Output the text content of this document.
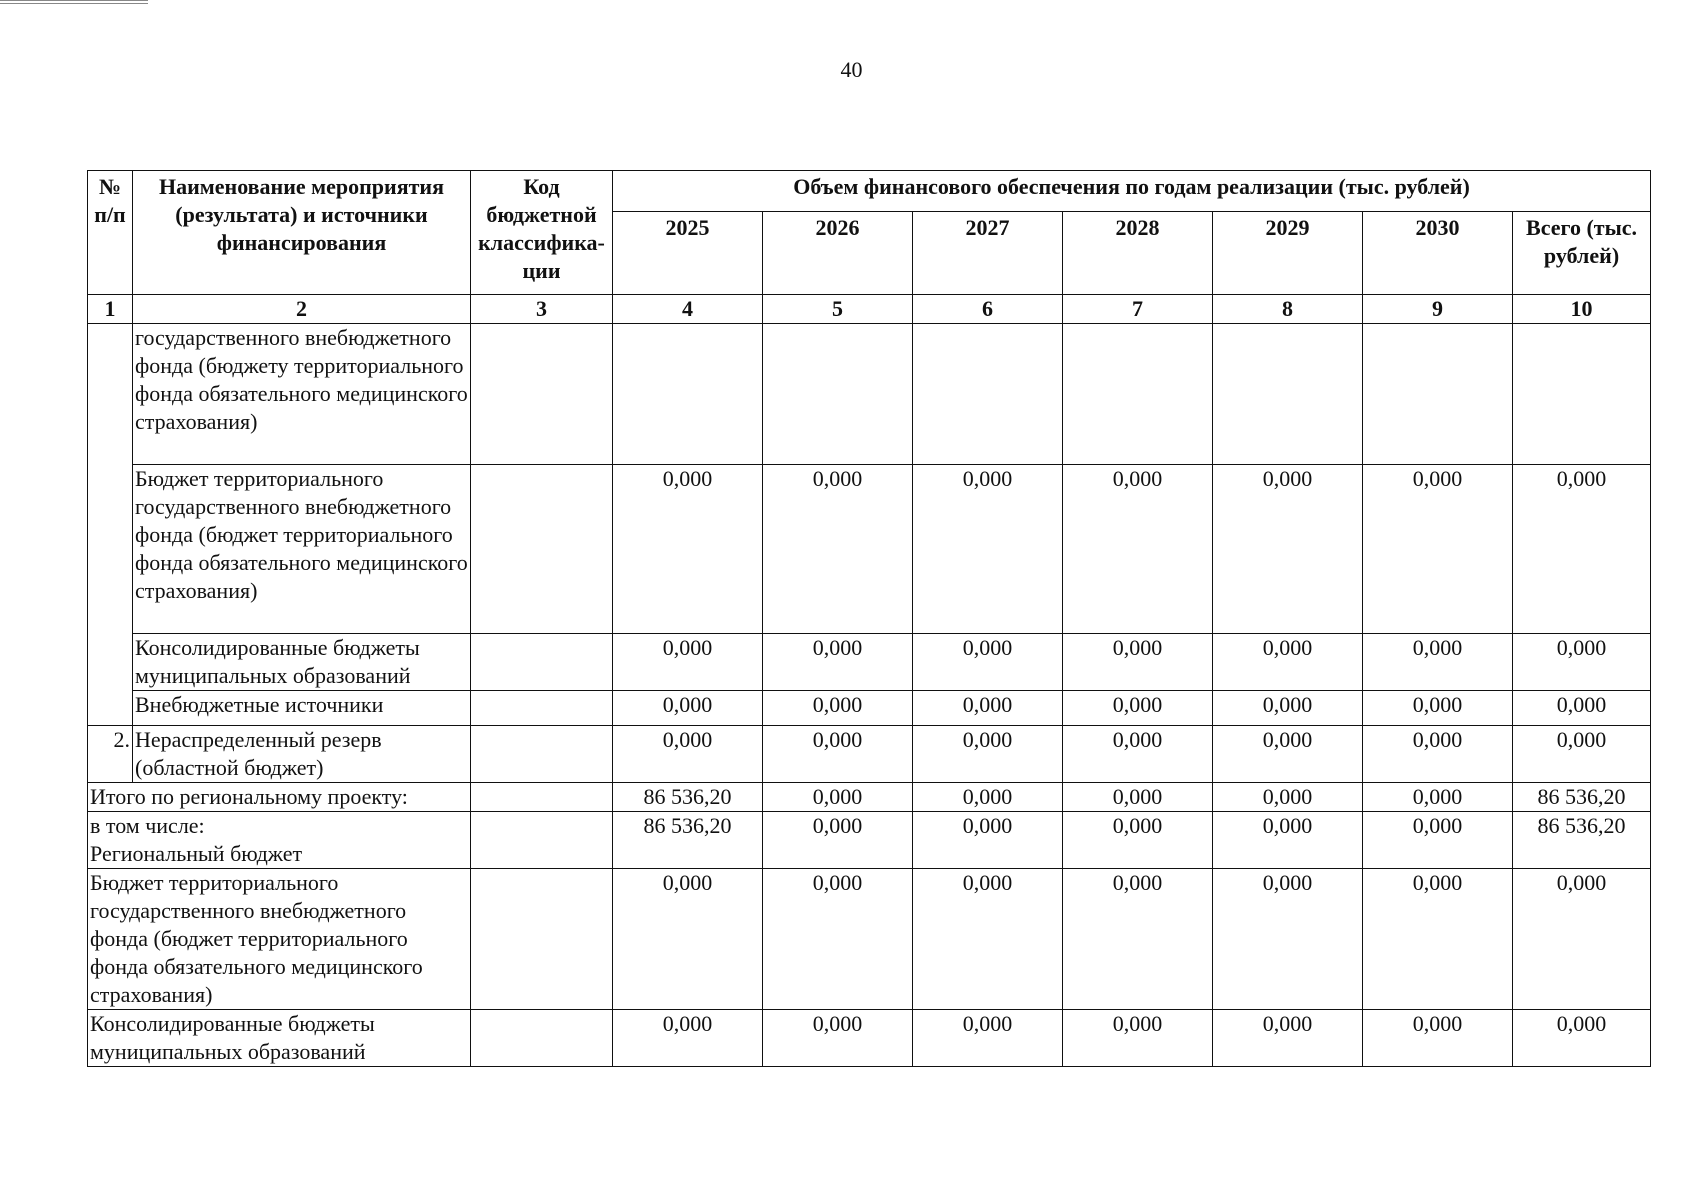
40
№ п/п	Наименование мероприятия (результата) и источники финансирования	Код бюджетной классифика-ции	Объем финансового обеспечения по годам реализации (тыс. рублей)						
			2025	2026	2027	2028	2029	2030	Всего (тыс. рублей)
1	2	3	4	5	6	7	8	9	10
	государственного внебюджетного фонда (бюджету территориального фонда обязательного медицинского страхования)								
	Бюджет территориального государственного внебюджетного фонда (бюджет территориального фонда обязательного медицинского страхования)		0,000	0,000	0,000	0,000	0,000	0,000	0,000
	Консолидированные бюджеты муниципальных образований		0,000	0,000	0,000	0,000	0,000	0,000	0,000
	Внебюджетные источники		0,000	0,000	0,000	0,000	0,000	0,000	0,000
2.	Нераспределенный резерв (областной бюджет)		0,000	0,000	0,000	0,000	0,000	0,000	0,000
Итого по региональному проекту:			86 536,20	0,000	0,000	0,000	0,000	0,000	86 536,20

в том числе:
Региональный бюджет			86 536,20	0,000	0,000	0,000	0,000	0,000	86 536,20
Бюджет территориального государственного внебюджетного фонда (бюджет территориального фонда обязательного медицинского страхования)			0,000	0,000	0,000	0,000	0,000	0,000	0,000
Консолидированные бюджеты муниципальных образований			0,000	0,000	0,000	0,000	0,000	0,000	0,000
